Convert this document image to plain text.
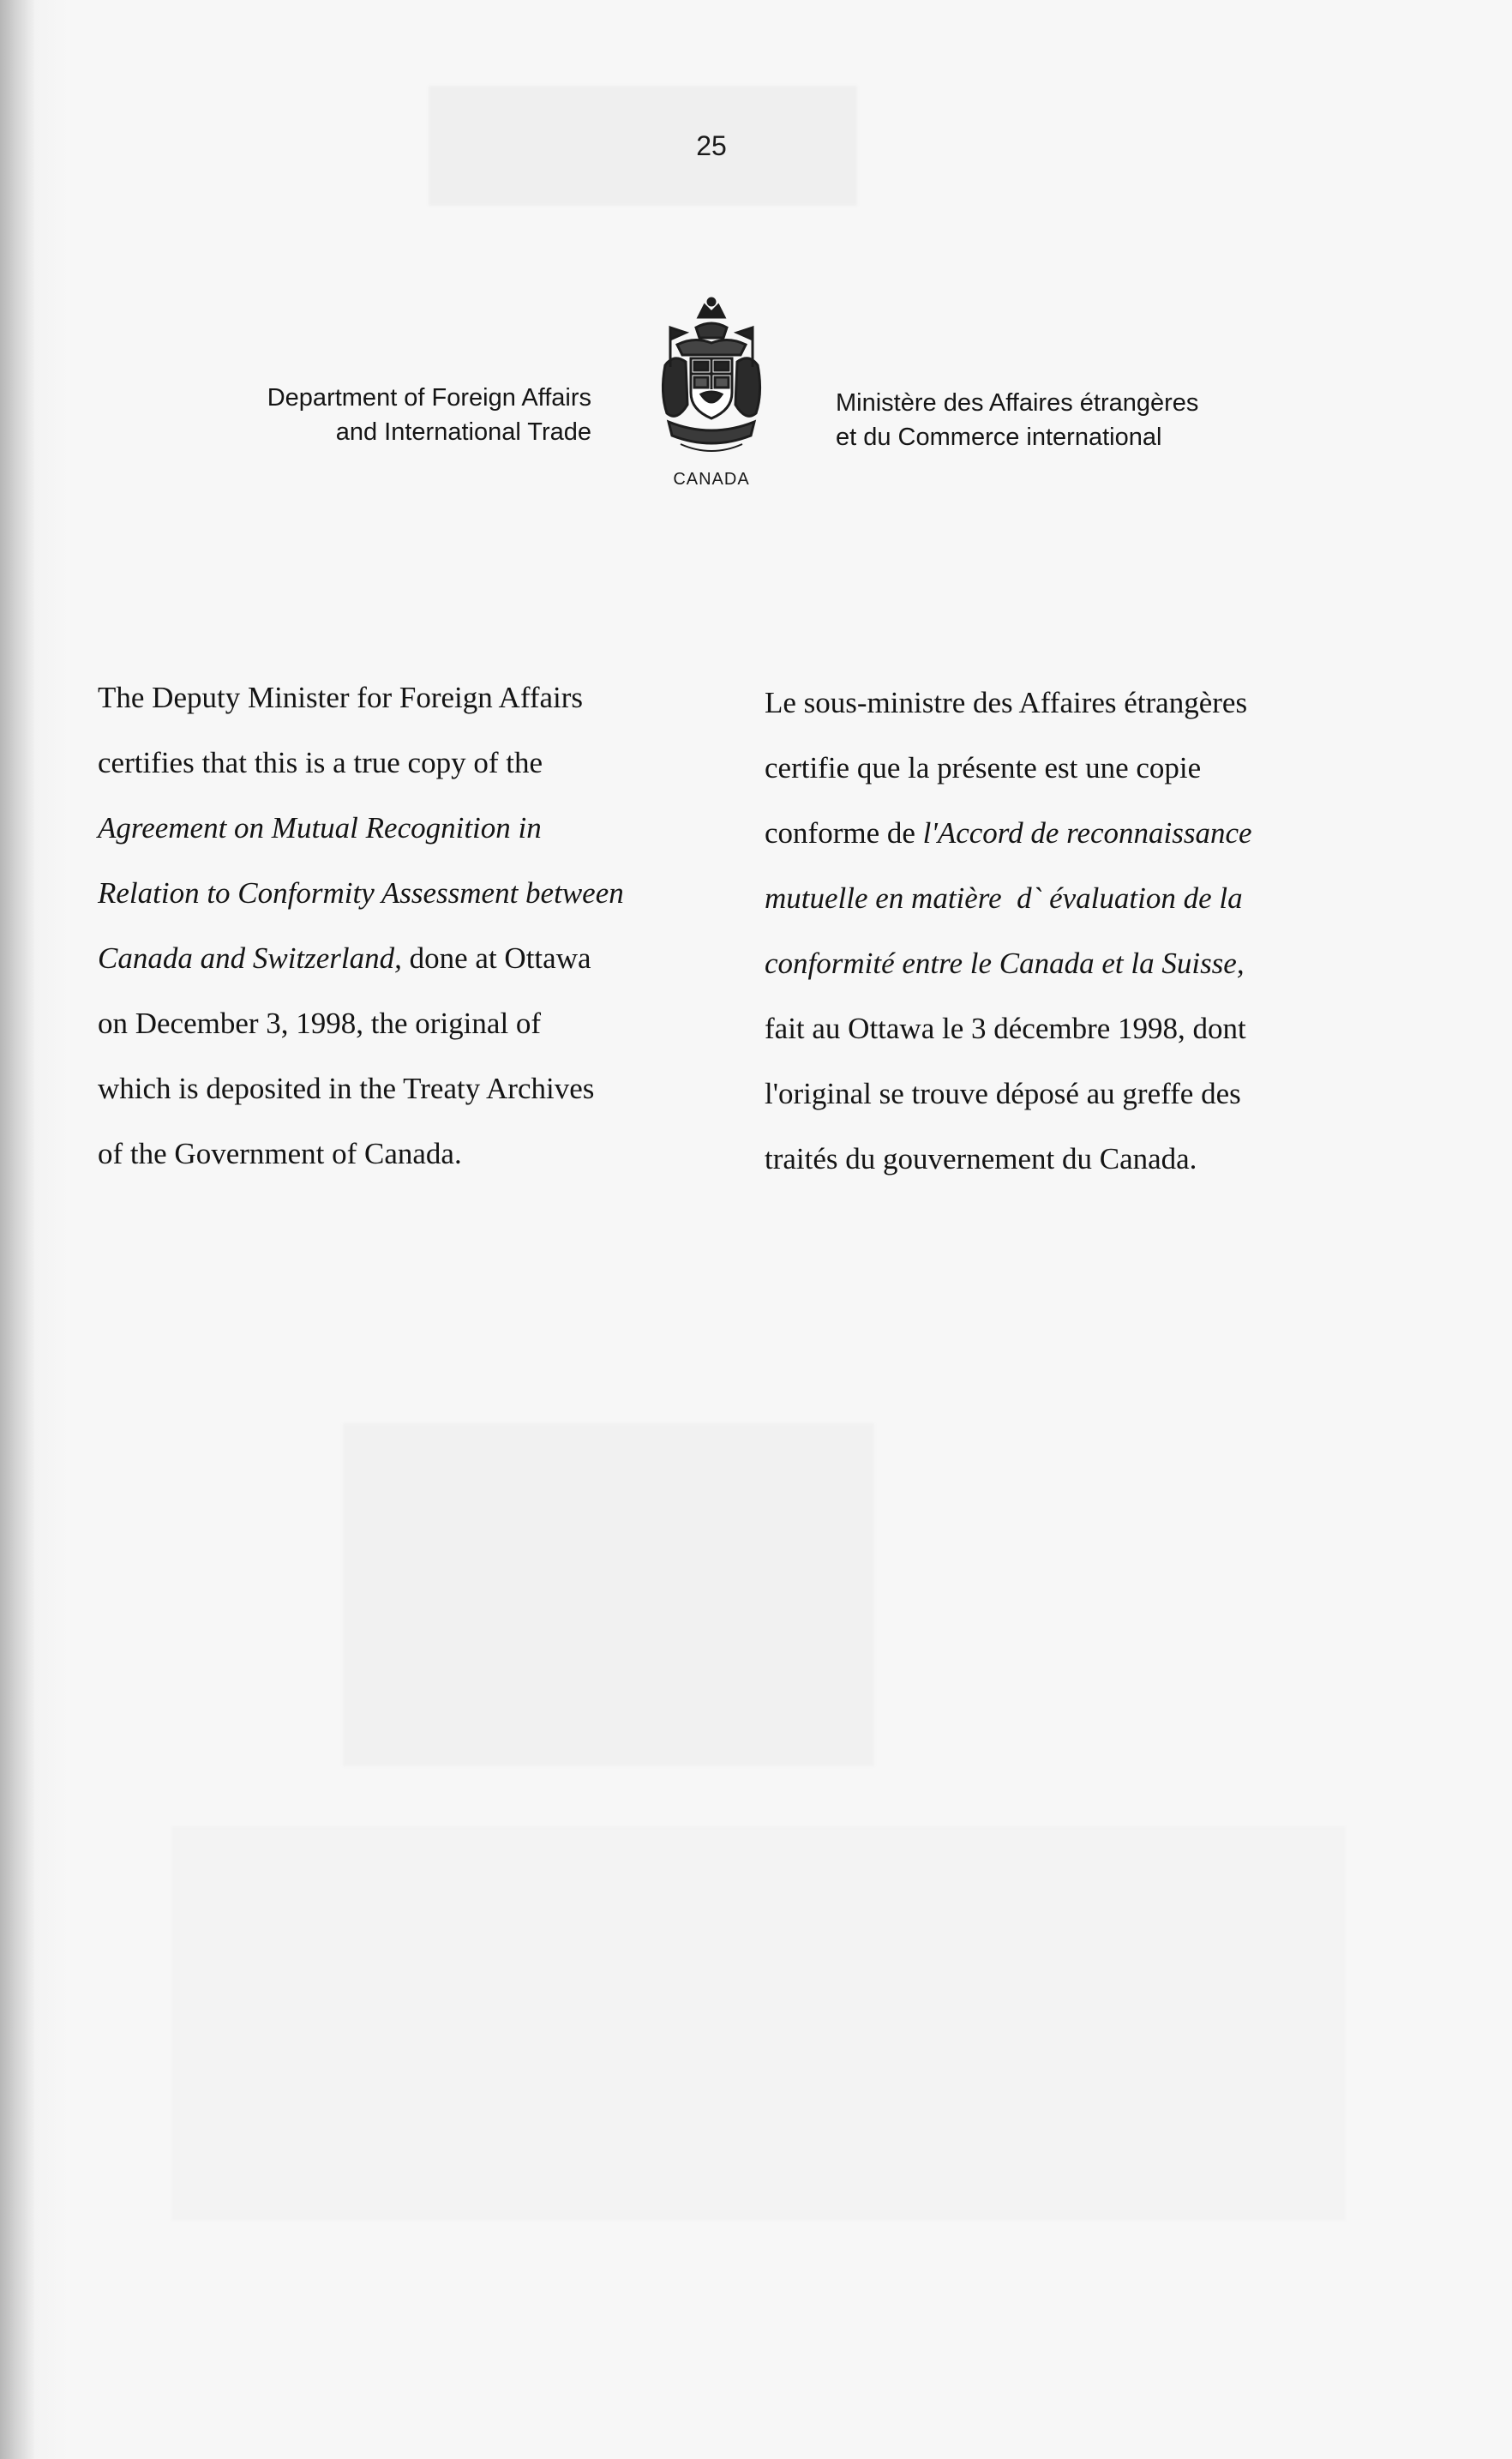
25
Department of Foreign Affairs
and International Trade
CANADA
Ministère des Affaires étrangères
et du Commerce international
The Deputy Minister for Foreign Affairs
certifies that this is a true copy of the
Agreement on Mutual Recognition in
Relation to Conformity Assessment between
Canada and Switzerland, done at Ottawa
on December 3, 1998, the original of
which is deposited in the Treaty Archives
of the Government of Canada.
Le sous-ministre des Affaires étrangères
certifie que la présente est une copie
conforme de l'Accord de reconnaissance
mutuelle en matière  d` évaluation de la
conformité entre le Canada et la Suisse,
fait au Ottawa le 3 décembre 1998, dont
l'original se trouve déposé au greffe des
traités du gouvernement du Canada.
